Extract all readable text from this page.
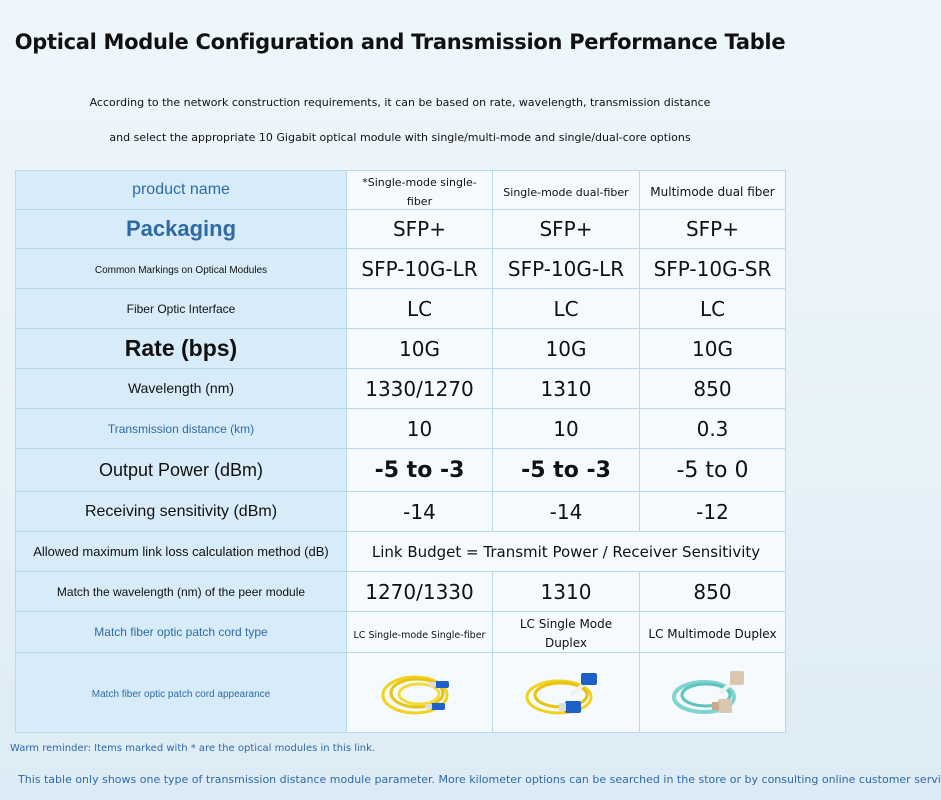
Optical Module Configuration and Transmission Performance Table
According to the network construction requirements, it can be based on rate, wavelength, transmission distance
and select the appropriate 10 Gigabit optical module with single/multi-mode and single/dual-core options
product name	*Single-mode single-fiber	Single-mode dual-fiber	Multimode dual fiber
Packaging	SFP+	SFP+	SFP+
Common Markings on Optical Modules	SFP-10G-LR	SFP-10G-LR	SFP-10G-SR
Fiber Optic Interface	LC	LC	LC
Rate (bps)	10G	10G	10G
Wavelength (nm)	1330/1270	1310	850
Transmission distance (km)	10	10	0.3
Output Power (dBm)	-5 to -3	-5 to -3	-5 to 0
Receiving sensitivity (dBm)	-14	-14	-12
Allowed maximum link loss calculation method (dB)	Link Budget = Transmit Power / Receiver Sensitivity		
Match the wavelength (nm) of the peer module	1270/1330	1310	850
Match fiber optic patch cord type	LC Single-mode Single-fiber	LC Single Mode Duplex	LC Multimode Duplex
Match fiber optic patch cord appearance	

Warm reminder: Items marked with * are the optical modules in this link.
This table only shows one type of transmission distance module parameter. More kilometer options can be searched in the store or by consulting online customer servi
